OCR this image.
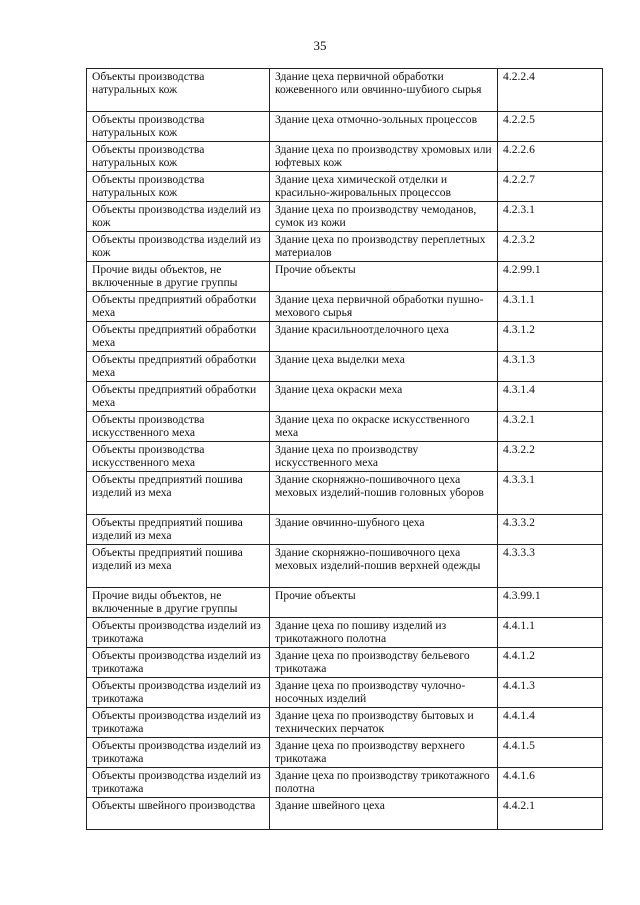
35
Объекты производства натуральных кож	Здание цеха первичной обработки кожевенного или овчинно-шубиого сырья	4.2.2.4
Объекты производства натуральных кож	Здание цеха отмочно-зольных процессов	4.2.2.5
Объекты производства натуральных кож	Здание цеха по производству хромовых или юфтевых кож	4.2.2.6
Объекты производства натуральных кож	Здание цеха химической отделки и красильно-жировальных процессов	4.2.2.7
Объекты производства изделий из кож	Здание цеха по производству чемоданов, сумок из кожи	4.2.3.1
Объекты производства изделий из кож	Здание цеха по производству переплетных материалов	4.2.3.2
Прочие виды объектов, не включенные в другие группы	Прочие объекты	4.2.99.1
Объекты предприятий обработки меха	Здание цеха первичной обработки пушно-мехового сырья	4.3.1.1
Объекты предприятий обработки меха	Здание красильноотделочного цеха	4.3.1.2
Объекты предприятий обработки меха	Здание цеха выделки меха	4.3.1.3
Объекты предприятий обработки меха	Здание цеха окраски меха	4.3.1.4
Объекты производства искусственного меха	Здание цеха по окраске искусственного меха	4.3.2.1
Объекты производства искусственного меха	Здание цеха по производству искусственного меха	4.3.2.2
Объекты предприятий пошива изделий из меха	Здание скорняжно-пошивочного цеха меховых изделий-пошив головных уборов	4.3.3.1
Объекты предприятий пошива изделий из меха	Здание овчинно-шубного цеха	4.3.3.2
Объекты предприятий пошива изделий из меха	Здание скорняжно-пошивочного цеха меховых изделий-пошив верхней одежды	4.3.3.3
Прочие виды объектов, не включенные в другие группы	Прочие объекты	4.3.99.1
Объекты производства изделий из трикотажа	Здание цеха по пошиву изделий из трикотажного полотна	4.4.1.1
Объекты производства изделий из трикотажа	Здание цеха по производству бельевого трикотажа	4.4.1.2
Объекты производства изделий из трикотажа	Здание цеха по производству чулочно-носочных изделий	4.4.1.3
Объекты производства изделий из трикотажа	Здание цеха по производству бытовых и технических перчаток	4.4.1.4
Объекты производства изделий из трикотажа	Здание цеха по производству верхнего трикотажа	4.4.1.5
Объекты производства изделий из трикотажа	Здание цеха по производству трикотажного полотна	4.4.1.6
Объекты швейного производства	Здание швейного цеха	4.4.2.1
